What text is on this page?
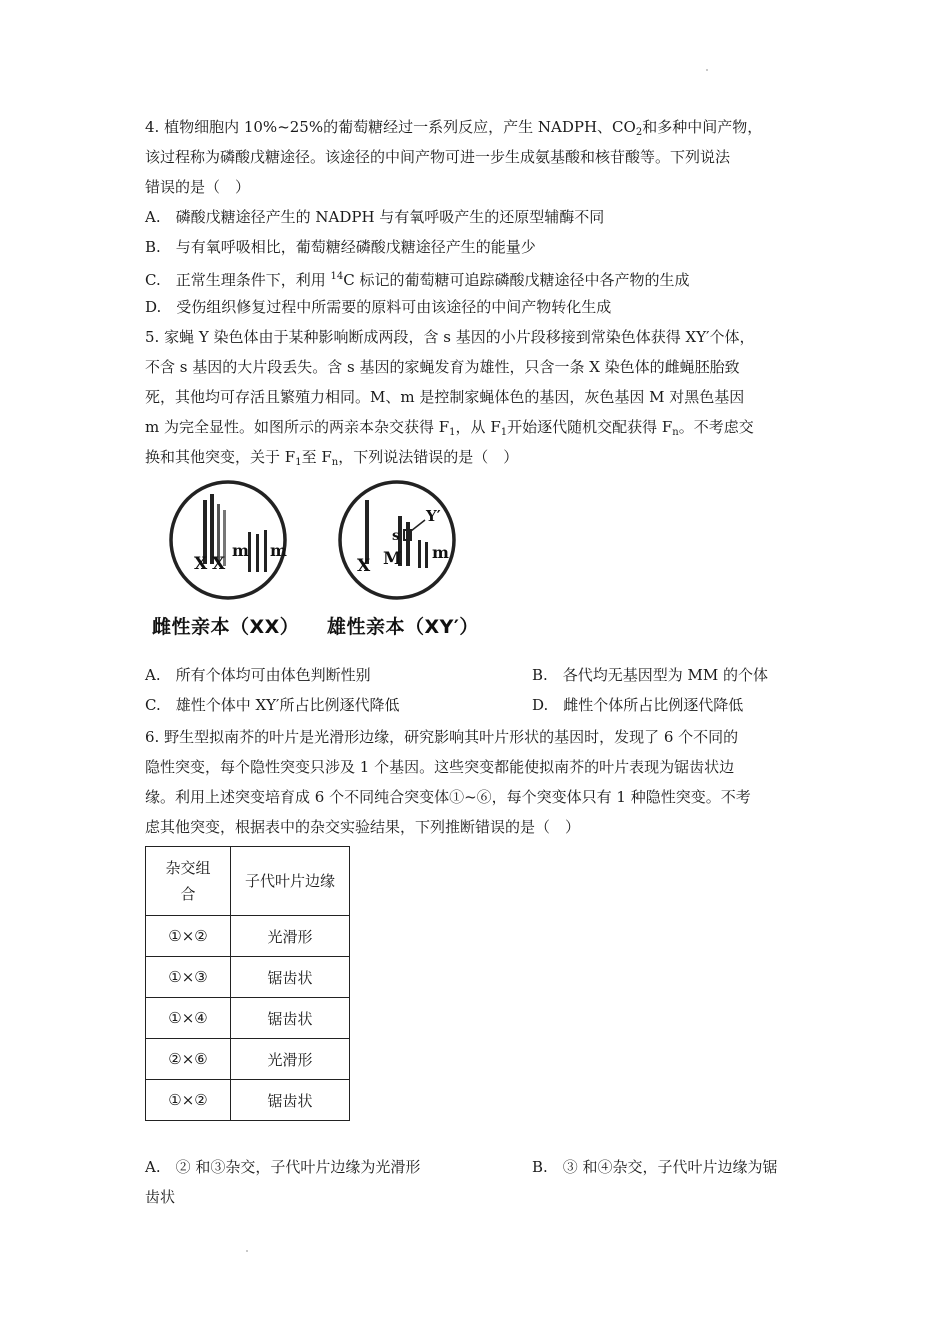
4. 植物细胞内 10%~25%的葡萄糖经过一系列反应，产生 NADPH、$CO_2$和多种中间产物，
该过程称为磷酸戊糖途径。该途径的中间产物可进一步生成氨基酸和核苷酸等。下列说法
错误的是（　）
A.　磷酸戊糖途径产生的 NADPH 与有氧呼吸产生的还原型辅酶不同
B.　与有氧呼吸相比，葡萄糖经磷酸戊糖途径产生的能量少
C.　正常生理条件下，利用 $^{14}$C 标记的葡萄糖可追踪磷酸戊糖途径中各产物的生成
D.　受伤组织修复过程中所需要的原料可由该途径的中间产物转化生成
5. 家蝇 Y 染色体由于某种影响断成两段，含 s 基因的小片段移接到常染色体获得 XY′个体，
不含 s 基因的大片段丢失。含 s 基因的家蝇发育为雄性，只含一条 X 染色体的雌蝇胚胎致
死，其他均可存活且繁殖力相同。M、m 是控制家蝇体色的基因，灰色基因 M 对黑色基因
m 为完全显性。如图所示的两亲本杂交获得 $F_1$，从 $F_1$开始逐代随机交配获得 $F_n$。不考虑交
换和其他突变，关于 $F_1$至 $F_n$，下列说法错误的是（　）
X X
m m
X M
s
Y′
m
雌性亲本（XX） 雄性亲本（XY′）
A.　所有个体均可由体色判断性别	B.　各代均无基因型为 MM 的个体
C.　雄性个体中 XY′所占比例逐代降低	D.　雌性个体所占比例逐代降低
6. 野生型拟南芥的叶片是光滑形边缘，研究影响其叶片形状的基因时，发现了 6 个不同的
隐性突变，每个隐性突变只涉及 1 个基因。这些突变都能使拟南芥的叶片表现为锯齿状边
缘。利用上述突变培育成 6 个不同纯合突变体①~⑥，每个突变体只有 1 种隐性突变。不考
虑其他突变，根据表中的杂交实验结果，下列推断错误的是（　）
杂交组
合	子代叶片边缘
①×②	光滑形
①×③	锯齿状
①×④	锯齿状
②×⑥	光滑形
①×②	锯齿状
A.　② 和③杂交，子代叶片边缘为光滑形	B.　③ 和④杂交，子代叶片边缘为锯
齿状
